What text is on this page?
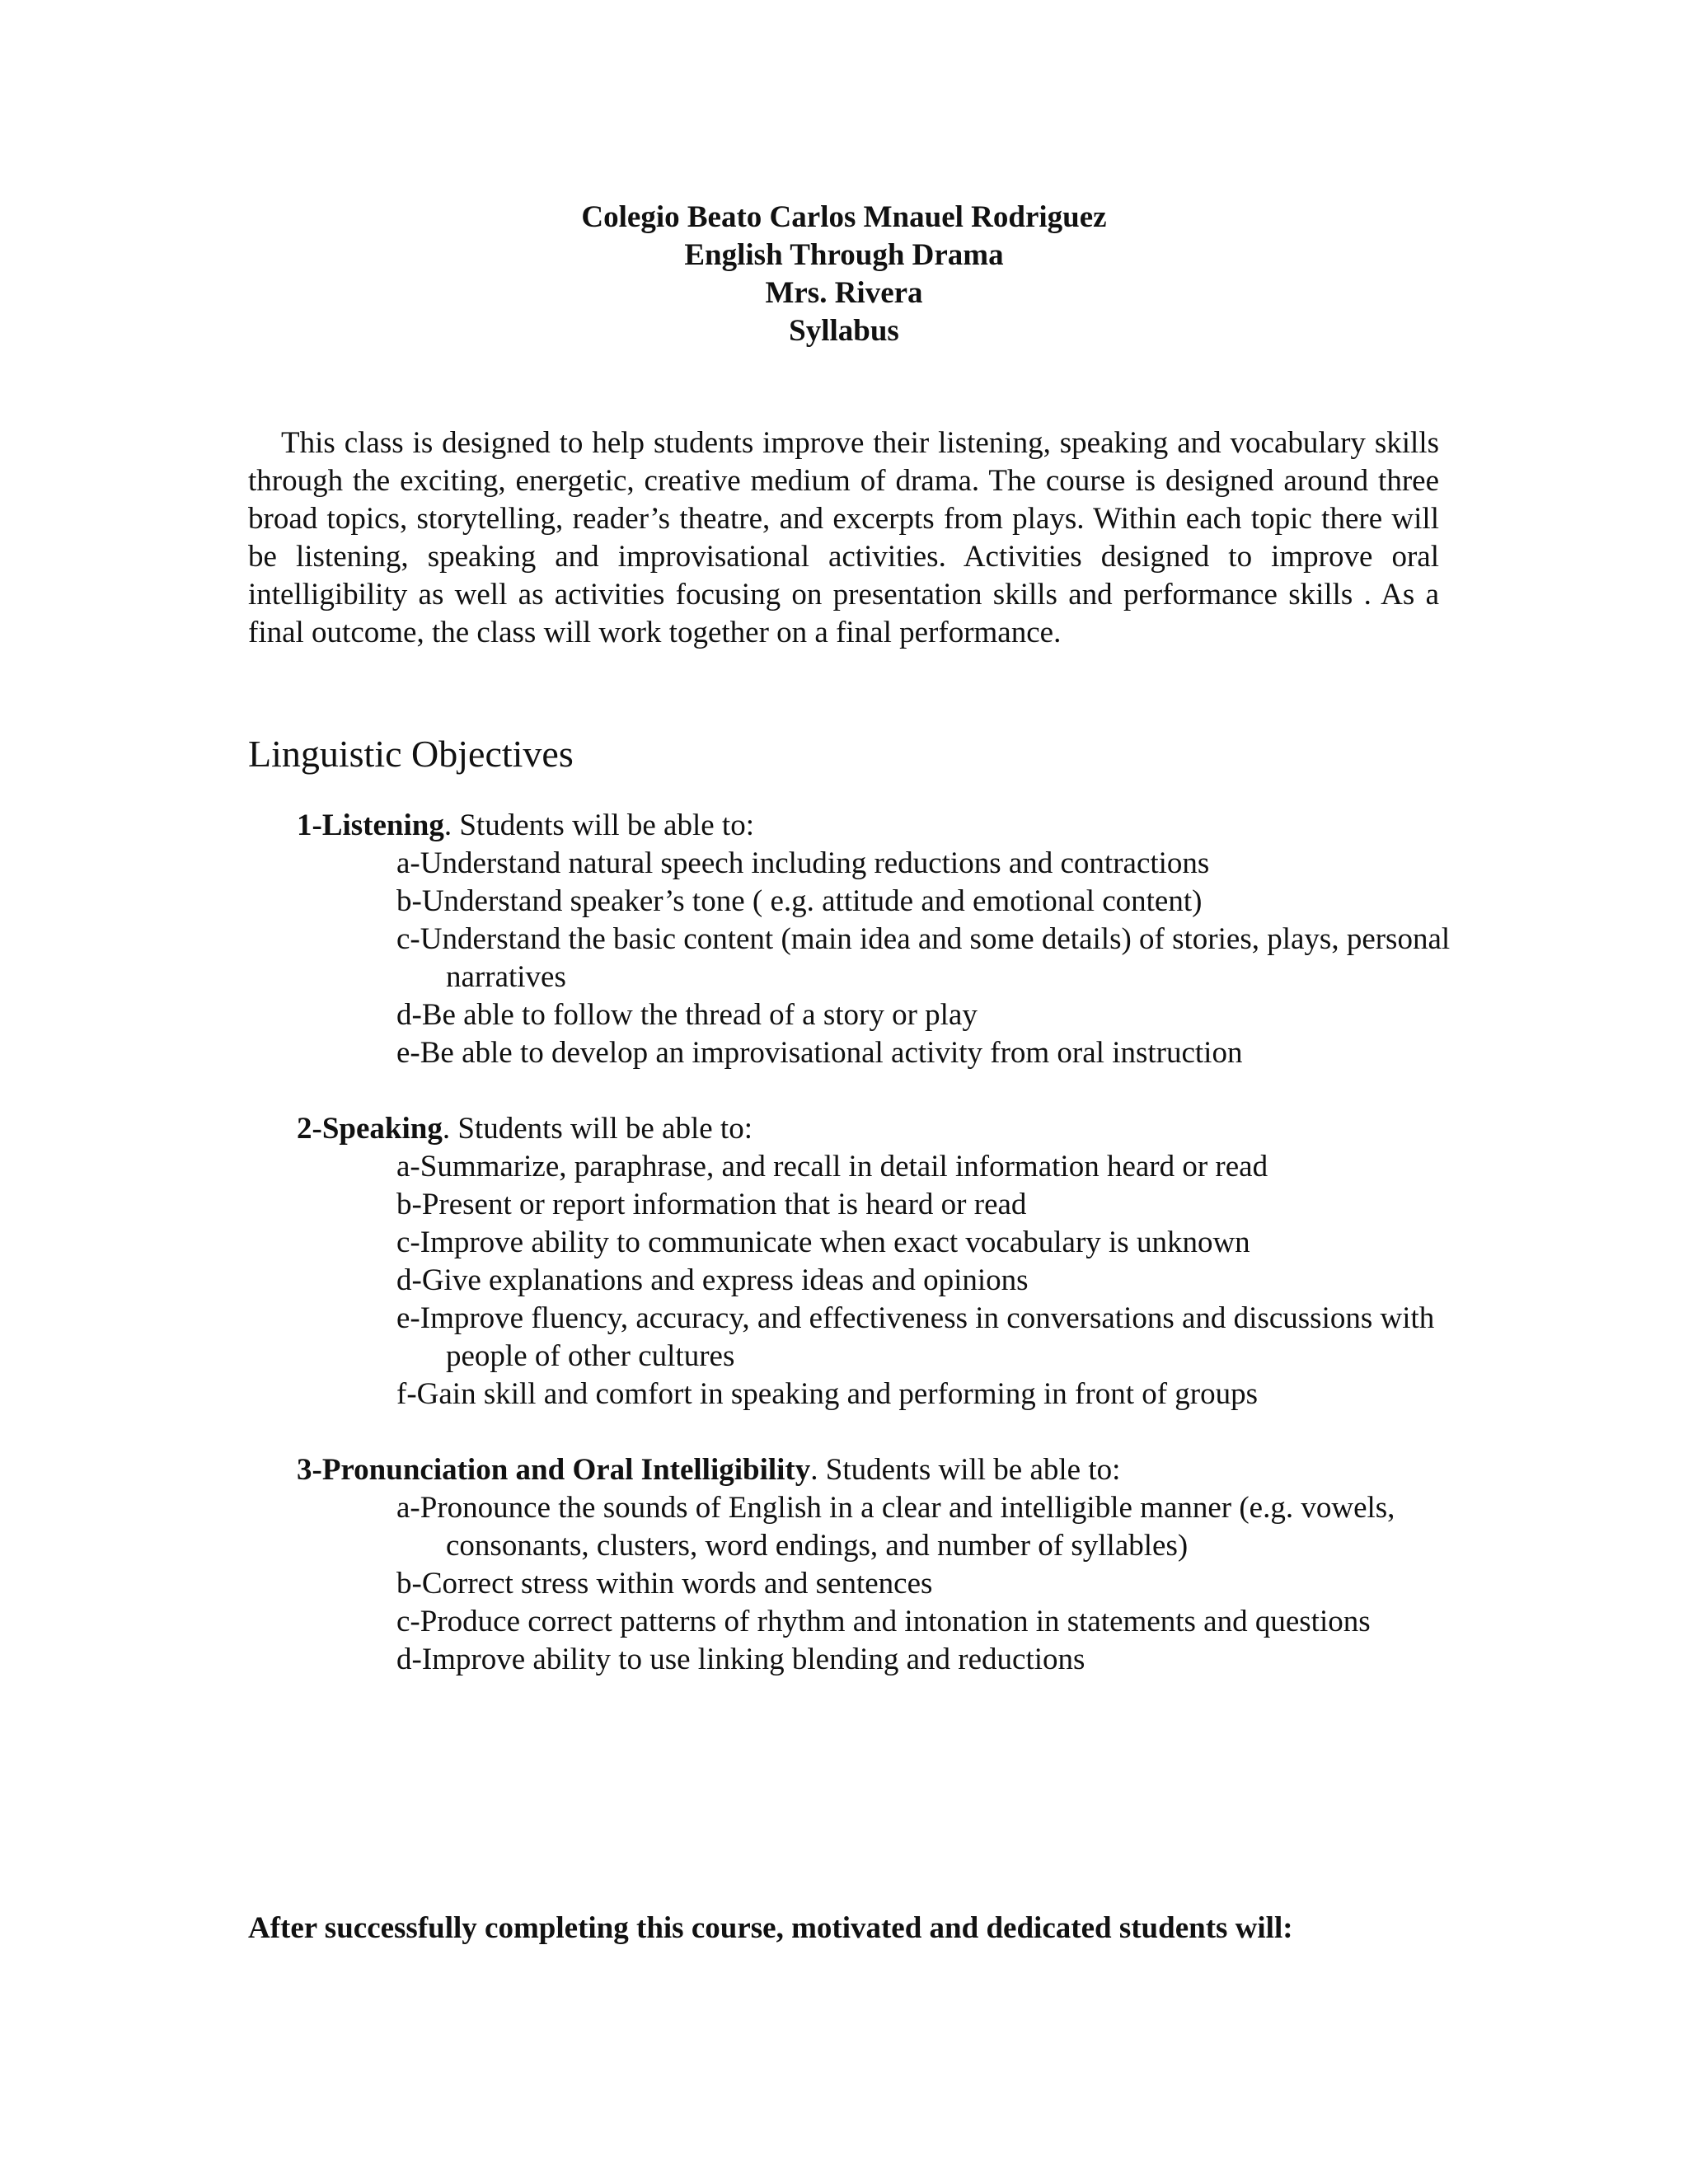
Colegio Beato Carlos Mnauel Rodriguez
English Through Drama
Mrs. Rivera
Syllabus

This class is designed to help students improve their listening, speaking and vocabulary skills through the exciting, energetic, creative medium of drama. The course is designed around three broad topics, storytelling, reader’s theatre, and excerpts from plays. Within each topic there will be listening, speaking and improvisational activities. Activities designed to improve oral intelligibility as well as activities focusing on presentation skills and performance skills . As a final outcome, the class will work together on a final performance.

Linguistic Objectives
1-Listening. Students will be able to:
a-Understand natural speech including reductions and contractions
b-Understand speaker’s tone ( e.g. attitude and emotional content)
c-Understand the basic content (main idea and some details) of stories, plays, personal narratives
d-Be able to follow the thread of a story or play
e-Be able to develop an improvisational activity from oral instruction
2-Speaking. Students will be able to:
a-Summarize, paraphrase, and recall in detail information heard or read
b-Present or report information that is heard or read
c-Improve ability to communicate when exact vocabulary is unknown
d-Give explanations and express ideas and opinions
e-Improve fluency, accuracy, and effectiveness in conversations and discussions with people of other cultures
f-Gain skill and comfort in speaking and performing in front of groups
3-Pronunciation and Oral Intelligibility. Students will be able to:
a-Pronounce the sounds of English in a clear and intelligible manner (e.g. vowels, consonants, clusters, word endings, and number of syllables)
b-Correct stress within words and sentences
c-Produce correct patterns of rhythm and intonation in statements and questions
d-Improve ability to use linking blending and reductions
After successfully completing this course, motivated and dedicated students will:
